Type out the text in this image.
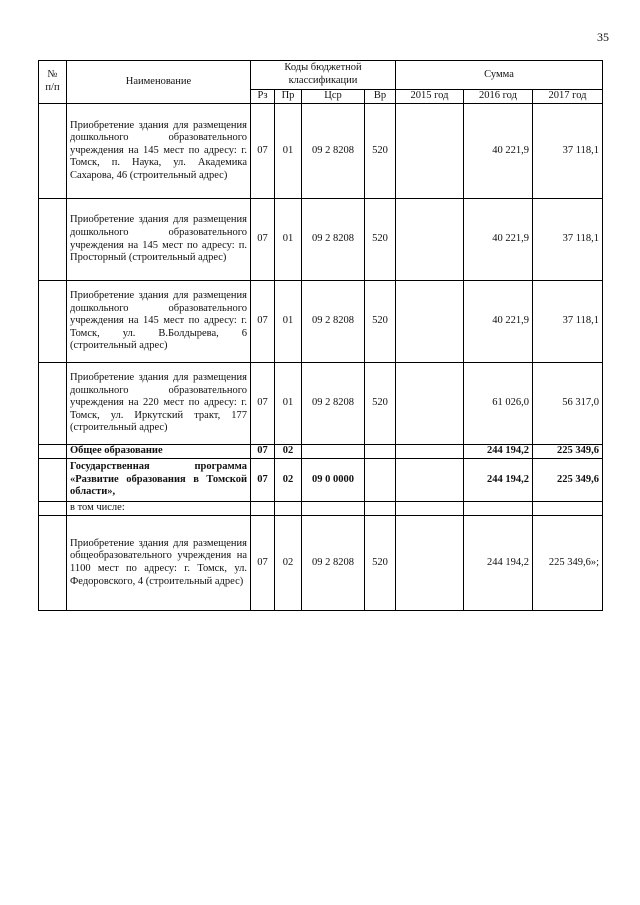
35
№ п/п	Наименование	Коды бюджетной классификации				Сумма		
		Рз	Пр	Цср	Вр	2015 год	2016 год	2017 год
	Приобретение здания для размещения дошкольного образовательного учреждения на 145 мест по адресу: г. Томск, п. Наука, ул. Академика Сахарова, 46 (строительный адрес)	07	01	09 2 8208	520		40 221,9	37 118,1
	Приобретение здания для размещения дошкольного образовательного учреждения на 145 мест по адресу: п. Просторный (строительный адрес)	07	01	09 2 8208	520		40 221,9	37 118,1
	Приобретение здания для размещения дошкольного образовательного учреждения на 145 мест по адресу: г. Томск, ул. В.Болдырева, 6 (строительный адрес)	07	01	09 2 8208	520		40 221,9	37 118,1
	Приобретение здания для размещения дошкольного образовательного учреждения на 220 мест по адресу: г. Томск, ул. Иркутский тракт, 177 (строительный адрес)	07	01	09 2 8208	520		61 026,0	56 317,0
	Общее образование	07	02				244 194,2	225 349,6
	Государственная программа «Развитие образования в Томской области»,	07	02	09 0 0000			244 194,2	225 349,6
	в том числе:							
	Приобретение здания для размещения общеобразовательного учреждения на 1100 мест по адресу: г. Томск, ул. Федоровского, 4 (строительный адрес)	07	02	09 2 8208	520		244 194,2	225 349,6»;
